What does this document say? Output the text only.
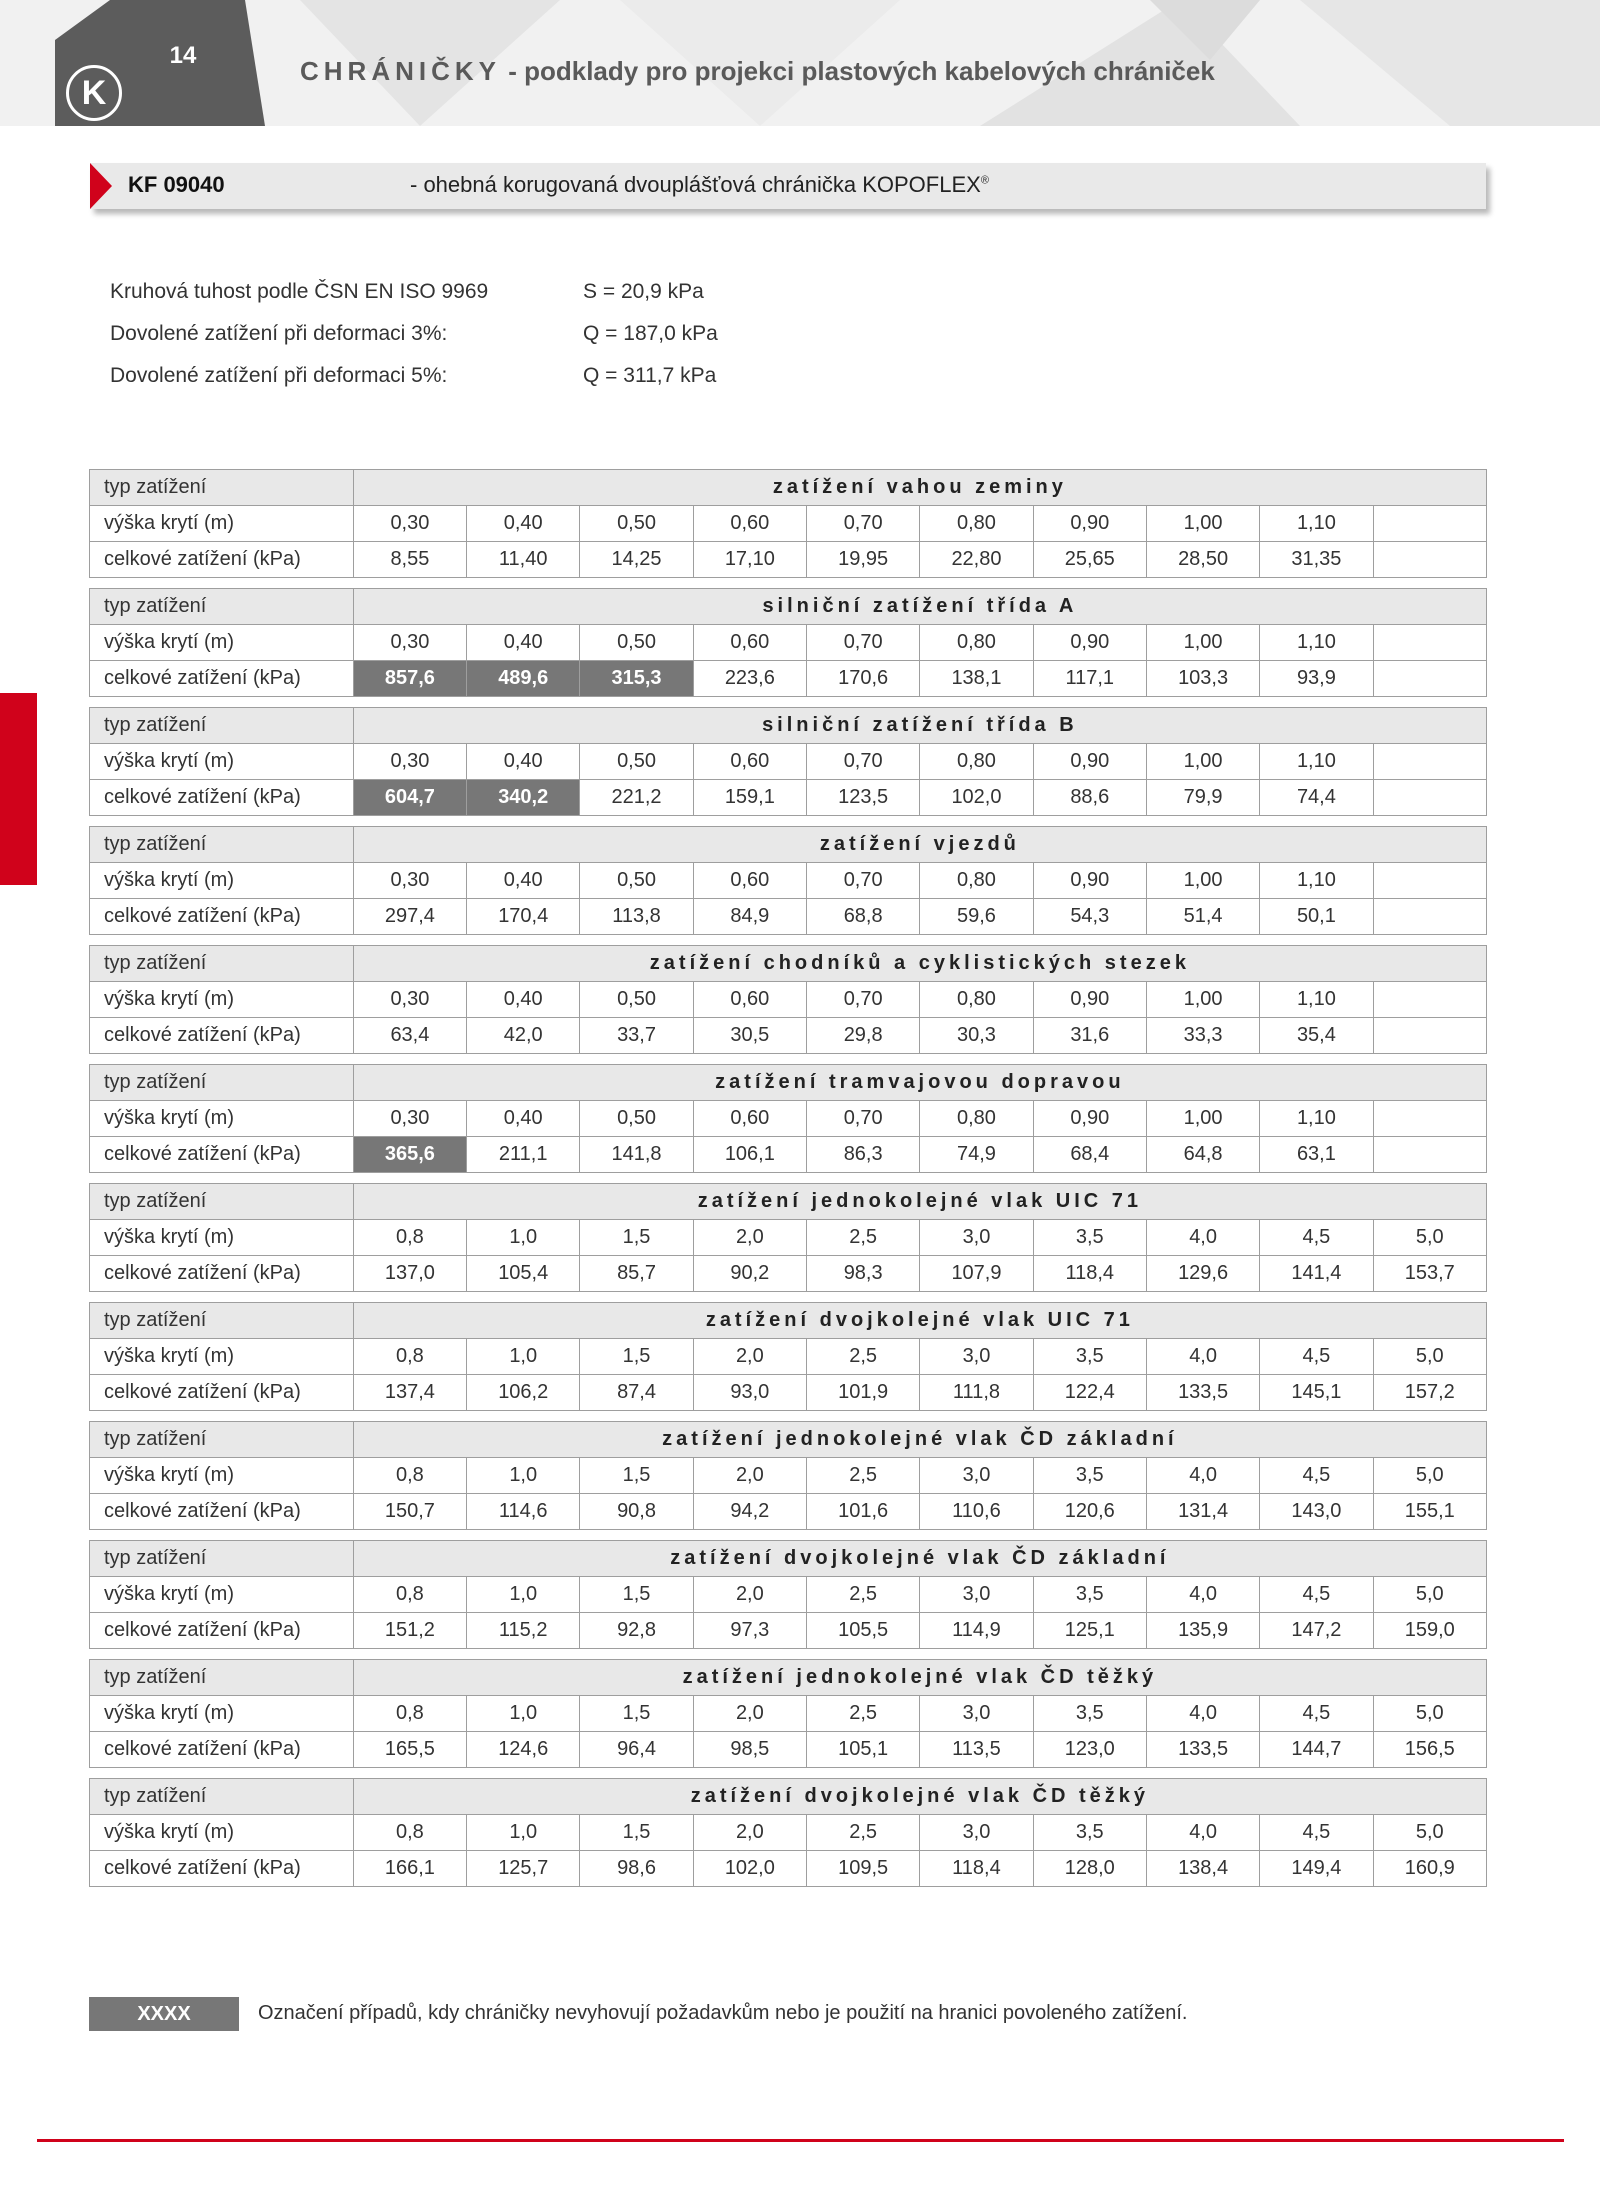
14
K
CHRÁNIČKY - podklady pro projekci plastových kabelových chrániček
KF 09040	- ohebná korugovaná dvouplášťová chránička KOPOFLEX®
Kruhová tuhost podle ČSN EN ISO 9969	S = 20,9 kPa
Dovolené zatížení při deformaci 3%:	Q = 187,0 kPa
Dovolené zatížení při deformaci 5%:	Q = 311,7 kPa
typ zatížení	zatížení vahou zeminy									
výška krytí (m)	0,30	0,40	0,50	0,60	0,70	0,80	0,90	1,00	1,10	
celkové zatížení (kPa)	8,55	11,40	14,25	17,10	19,95	22,80	25,65	28,50	31,35	

typ zatížení	silniční zatížení třída A									
výška krytí (m)	0,30	0,40	0,50	0,60	0,70	0,80	0,90	1,00	1,10	
celkové zatížení (kPa)	857,6	489,6	315,3	223,6	170,6	138,1	117,1	103,3	93,9	

typ zatížení	silniční zatížení třída B									
výška krytí (m)	0,30	0,40	0,50	0,60	0,70	0,80	0,90	1,00	1,10	
celkové zatížení (kPa)	604,7	340,2	221,2	159,1	123,5	102,0	88,6	79,9	74,4	

typ zatížení	zatížení vjezdů									
výška krytí (m)	0,30	0,40	0,50	0,60	0,70	0,80	0,90	1,00	1,10	
celkové zatížení (kPa)	297,4	170,4	113,8	84,9	68,8	59,6	54,3	51,4	50,1	

typ zatížení	zatížení chodníků a cyklistických stezek									
výška krytí (m)	0,30	0,40	0,50	0,60	0,70	0,80	0,90	1,00	1,10	
celkové zatížení (kPa)	63,4	42,0	33,7	30,5	29,8	30,3	31,6	33,3	35,4	

typ zatížení	zatížení tramvajovou dopravou									
výška krytí (m)	0,30	0,40	0,50	0,60	0,70	0,80	0,90	1,00	1,10	
celkové zatížení (kPa)	365,6	211,1	141,8	106,1	86,3	74,9	68,4	64,8	63,1	

typ zatížení	zatížení jednokolejné vlak UIC 71									
výška krytí (m)	0,8	1,0	1,5	2,0	2,5	3,0	3,5	4,0	4,5	5,0
celkové zatížení (kPa)	137,0	105,4	85,7	90,2	98,3	107,9	118,4	129,6	141,4	153,7

typ zatížení	zatížení dvojkolejné vlak UIC 71									
výška krytí (m)	0,8	1,0	1,5	2,0	2,5	3,0	3,5	4,0	4,5	5,0
celkové zatížení (kPa)	137,4	106,2	87,4	93,0	101,9	111,8	122,4	133,5	145,1	157,2

typ zatížení	zatížení jednokolejné vlak ČD základní									
výška krytí (m)	0,8	1,0	1,5	2,0	2,5	3,0	3,5	4,0	4,5	5,0
celkové zatížení (kPa)	150,7	114,6	90,8	94,2	101,6	110,6	120,6	131,4	143,0	155,1

typ zatížení	zatížení dvojkolejné vlak ČD základní									
výška krytí (m)	0,8	1,0	1,5	2,0	2,5	3,0	3,5	4,0	4,5	5,0
celkové zatížení (kPa)	151,2	115,2	92,8	97,3	105,5	114,9	125,1	135,9	147,2	159,0

typ zatížení	zatížení jednokolejné vlak ČD těžký									
výška krytí (m)	0,8	1,0	1,5	2,0	2,5	3,0	3,5	4,0	4,5	5,0
celkové zatížení (kPa)	165,5	124,6	96,4	98,5	105,1	113,5	123,0	133,5	144,7	156,5

typ zatížení	zatížení dvojkolejné vlak ČD těžký									
výška krytí (m)	0,8	1,0	1,5	2,0	2,5	3,0	3,5	4,0	4,5	5,0
celkové zatížení (kPa)	166,1	125,7	98,6	102,0	109,5	118,4	128,0	138,4	149,4	160,9
XXXX	Označení případů, kdy chráničky nevyhovují požadavkům nebo je použití na hranici povoleného zatížení.
